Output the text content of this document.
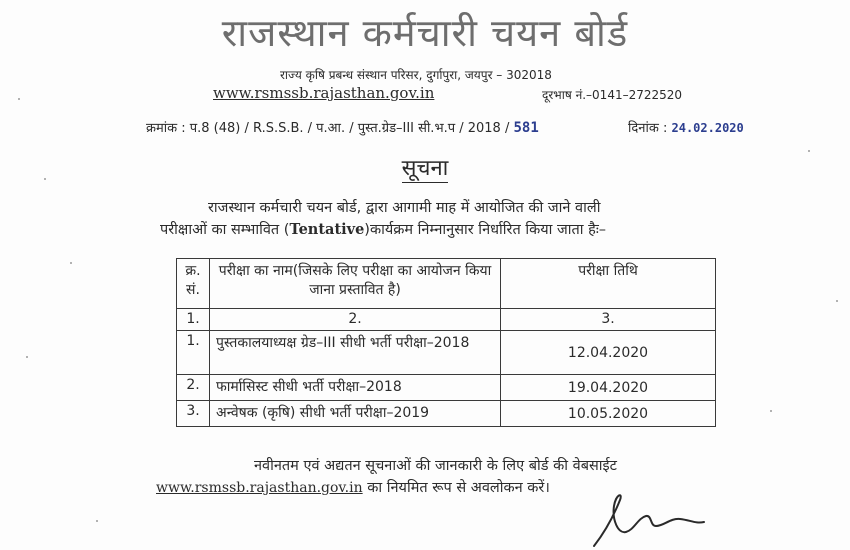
राजस्थान कर्मचारी चयन बोर्ड
राज्य कृषि प्रबन्ध संस्थान परिसर, दुर्गापुरा, जयपुर – 302018
www.rsmssb.rajasthan.gov.in	दूरभाष नं.–0141–2722520
क्रमांक : प.8 (48) / R.S.S.B. / प.आ. / पुस्त.ग्रेड–III सी.भ.प / 2018 / 581	दिनांक : 24.02.2020
सूचना
राजस्थान कर्मचारी चयन बोर्ड, द्वारा आगामी माह में आयोजित की जाने वाली
परीक्षाओं का सम्भावित (Tentative)कार्यक्रम निम्नानुसार निर्धारित किया जाता हैः–
क्र. सं.	परीक्षा का नाम(जिसके लिए परीक्षा का आयोजन किया जाना प्रस्तावित है)	परीक्षा तिथि
1.	2.	3.
1.	पुस्तकालयाध्यक्ष ग्रेड–III सीधी भर्ती परीक्षा–2018	12.04.2020
2.	फार्मासिस्ट सीधी भर्ती परीक्षा–2018	19.04.2020
3.	अन्वेषक (कृषि) सीधी भर्ती परीक्षा–2019	10.05.2020
नवीनतम एवं अद्यतन सूचनाओं की जानकारी के लिए बोर्ड की वेबसाईट
www.rsmssb.rajasthan.gov.in का नियमित रूप से अवलोकन करें।
